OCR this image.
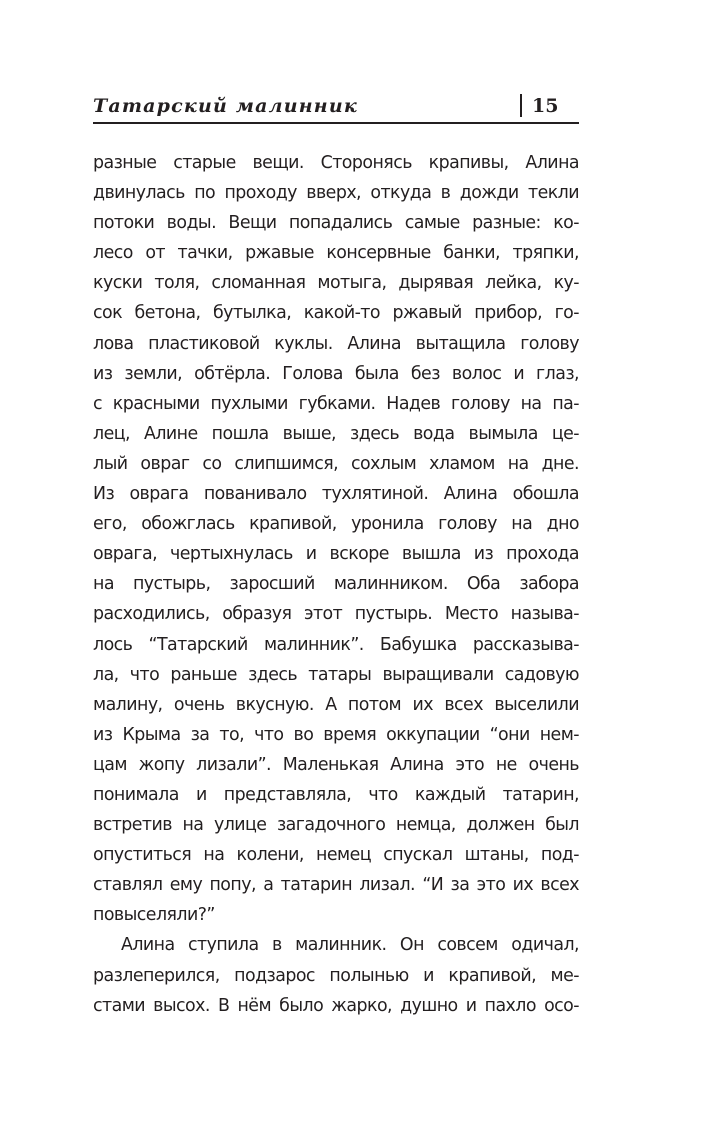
Татарский малинник	15
разные старые вещи. Сторонясь крапивы, Алина
двинулась по проходу вверх, откуда в дожди текли
потоки воды. Вещи попадались самые разные: ко-
лесо от тачки, ржавые консервные банки, тряпки,
куски толя, сломанная мотыга, дырявая лейка, ку-
сок бетона, бутылка, какой-то ржавый прибор, го-
лова пластиковой куклы. Алина вытащила голову
из земли, обтёрла. Голова была без волос и глаз,
с красными пухлыми губками. Надев голову на па-
лец, Алине пошла выше, здесь вода вымыла це-
лый овраг со слипшимся, сохлым хламом на дне.
Из оврага пованивало тухлятиной. Алина обошла
его, обожглась крапивой, уронила голову на дно
оврага, чертыхнулась и вскоре вышла из прохода
на пустырь, заросший малинником. Оба забора
расходились, образуя этот пустырь. Место называ-
лось “Татарский малинник”. Бабушка рассказыва-
ла, что раньше здесь татары выращивали садовую
малину, очень вкусную. А потом их всех выселили
из Крыма за то, что во время оккупации “они нем-
цам жопу лизали”. Маленькая Алина это не очень
понимала и представляла, что каждый татарин,
встретив на улице загадочного немца, должен был
опуститься на колени, немец спускал штаны, под-
ставлял ему попу, а татарин лизал. “И за это их всех
повыселяли?”
Алина ступила в малинник. Он совсем одичал,
разлеперился, подзарос полынью и крапивой, ме-
стами высох. В нём было жарко, душно и пахло осо-
